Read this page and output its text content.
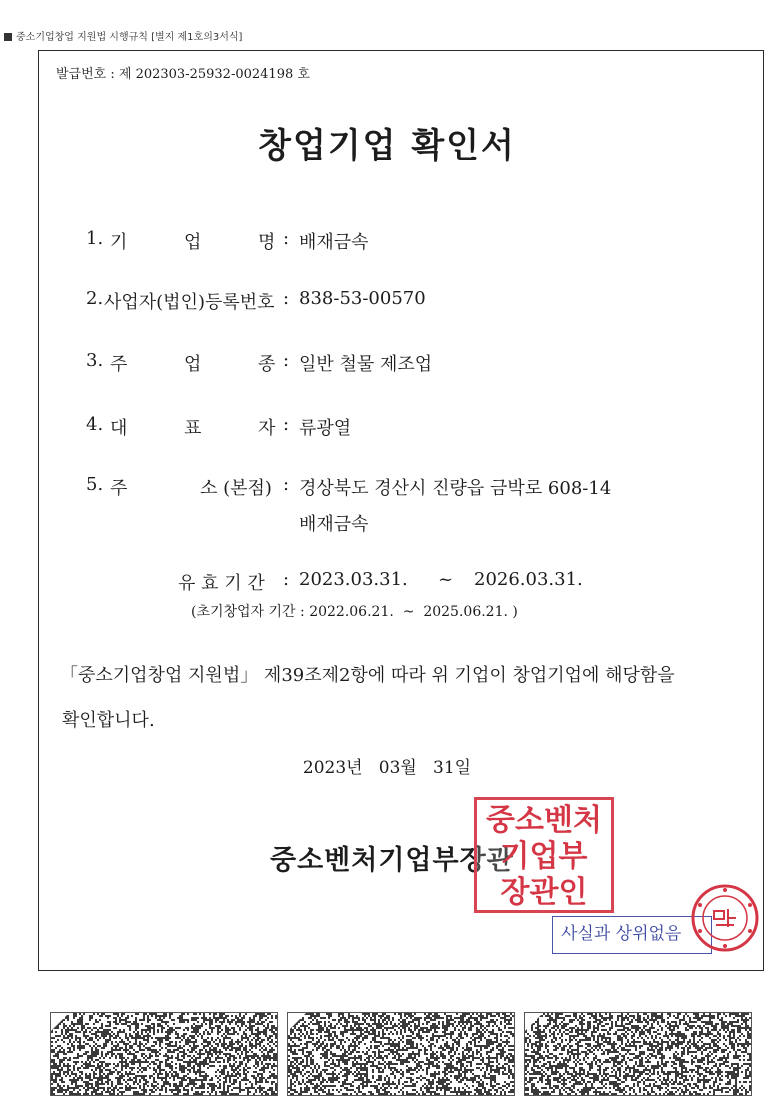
중소기업창업 지원법 시행규칙 [별지 제1호의3서식]
발급번호 : 제 202303-25932-0024198 호
창업기업 확인서
1. 기	업	명 : 배재금속
2. 사업자(법인)등록번호 : 838-53-00570
3. 주	업	종 : 일반 철물 제조업
4. 대	표	자 : 류광열
5. 주	소 (본점) : 경상북도 경산시 진량읍 금박로 608-14
배재금속
유 효 기 간 : 2023.03.31. ~ 2026.03.31.
(초기창업자 기간 : 2022.06.21.  ~  2025.06.21. )
「중소기업창업 지원법」 제39조제2항에 따라 위 기업이 창업기업에 해당함을
확인합니다.
2023년   03월   31일
중소벤처기업부장관
중소벤처
기업부
장관인
사실과 상위없음
